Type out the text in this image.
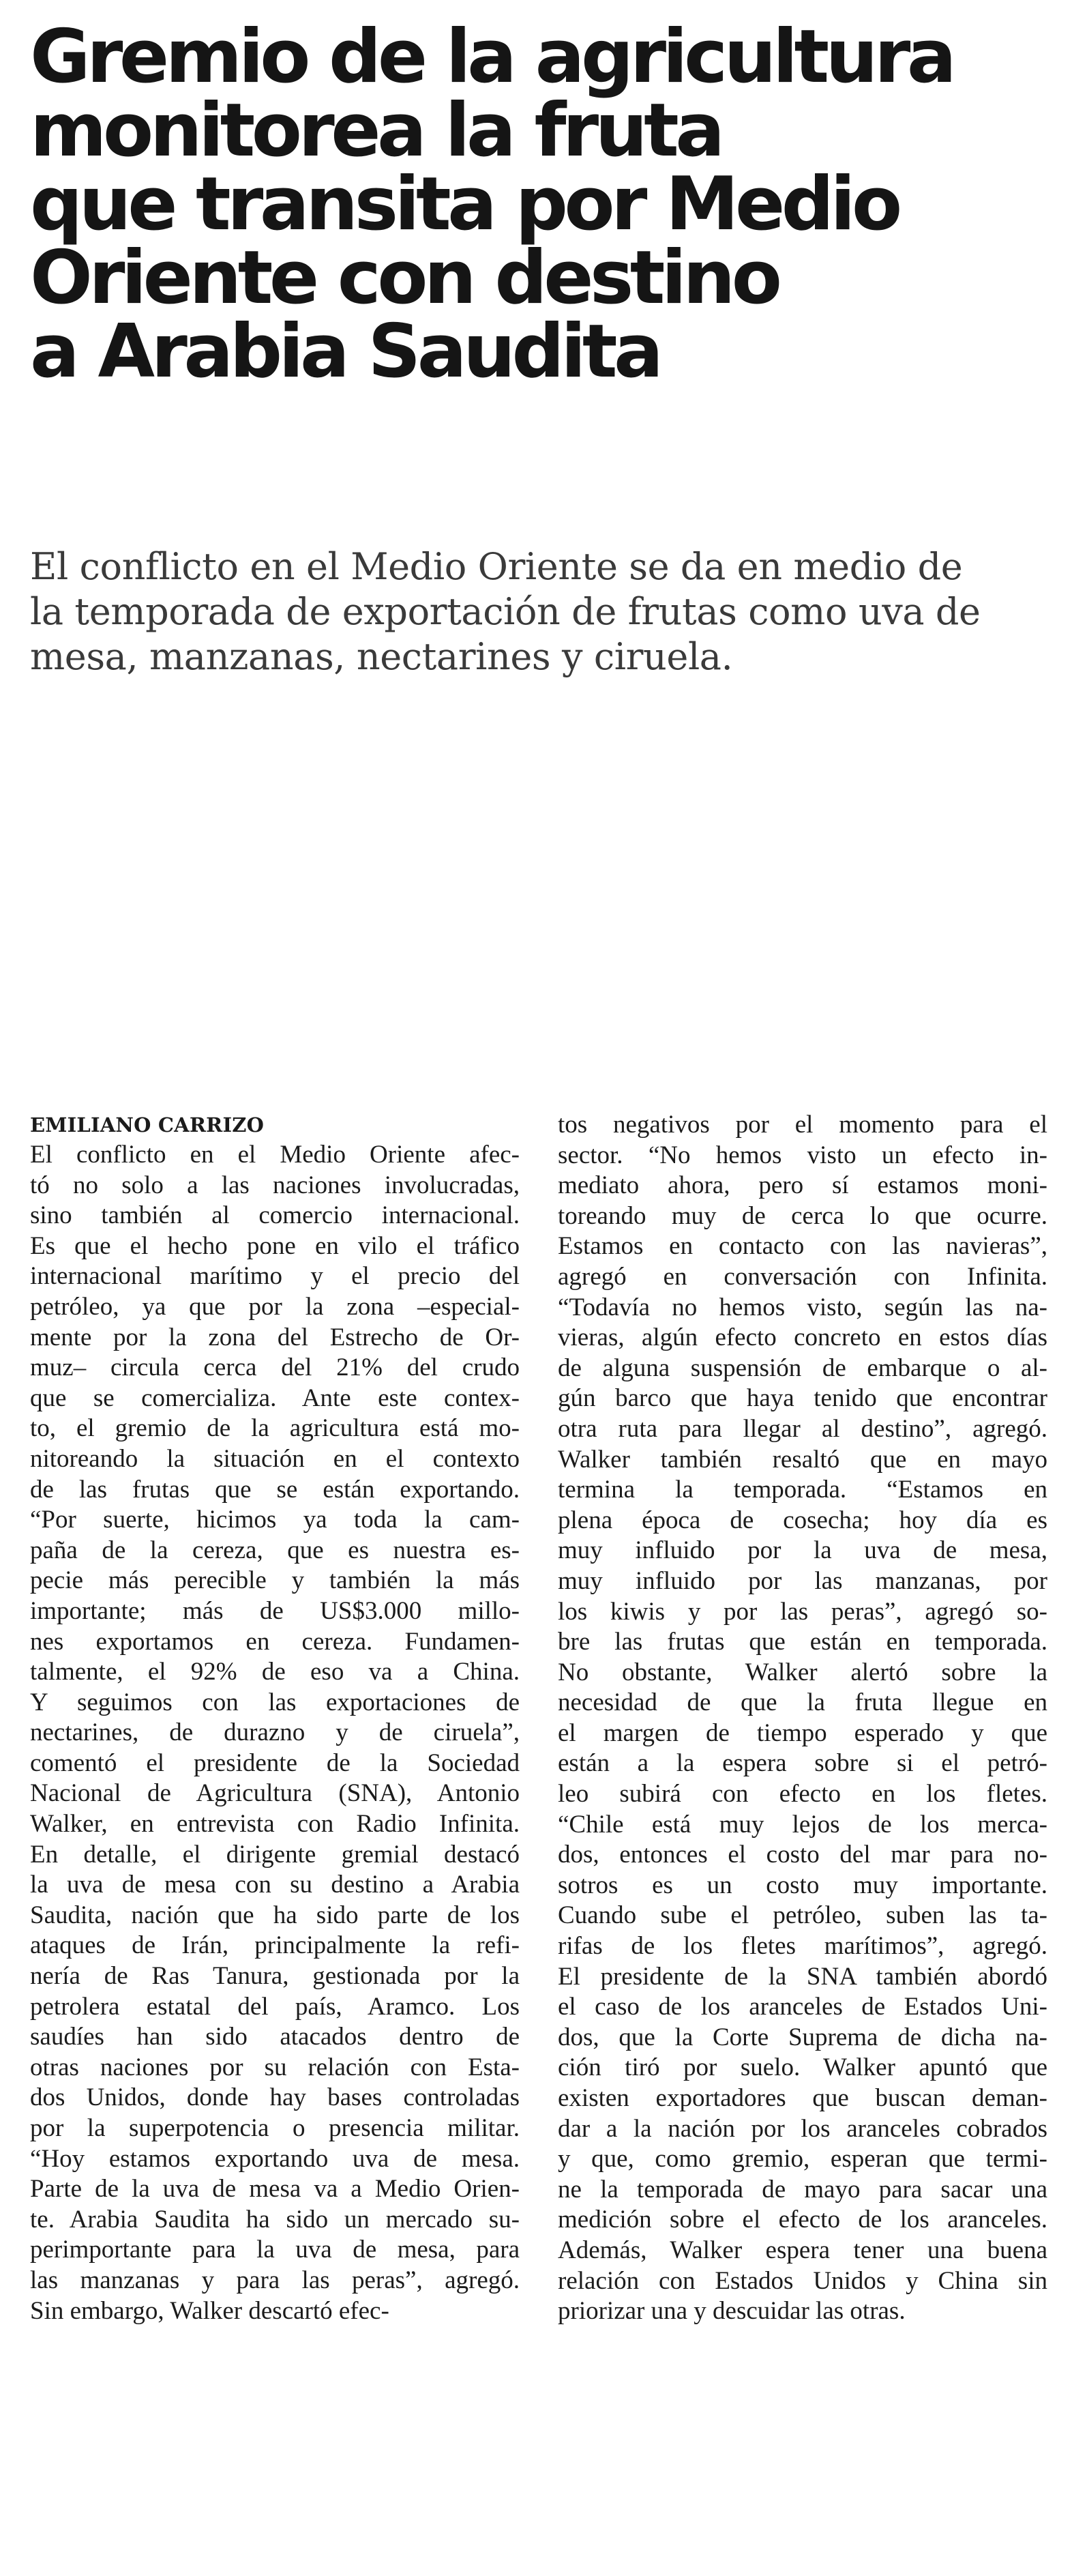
Gremio de la agricultura
monitorea la fruta
que transita por Medio
Oriente con destino
a Arabia Saudita

El conflicto en el Medio Oriente se da en medio de
la temporada de exportación de frutas como uva de
mesa, manzanas, nectarines y ciruela.

EMILIANO CARRIZO

El conflicto en el Medio Oriente afec-
tó no solo a las naciones involucradas,
sino también al comercio internacional.
Es que el hecho pone en vilo el tráfico
internacional marítimo y el precio del
petróleo, ya que por la zona –especial-
mente por la zona del Estrecho de Or-
muz– circula cerca del 21% del crudo
que se comercializa. Ante este contex-
to, el gremio de la agricultura está mo-
nitoreando la situación en el contexto
de las frutas que se están exportando.
“Por suerte, hicimos ya toda la cam-
paña de la cereza, que es nuestra es-
pecie más perecible y también la más
importante; más de US$3.000 millo-
nes exportamos en cereza. Fundamen-
talmente, el 92% de eso va a China.
Y seguimos con las exportaciones de
nectarines, de durazno y de ciruela”,
comentó el presidente de la Sociedad
Nacional de Agricultura (SNA), Antonio
Walker, en entrevista con Radio Infinita.
En detalle, el dirigente gremial destacó
la uva de mesa con su destino a Arabia
Saudita, nación que ha sido parte de los
ataques de Irán, principalmente la refi-
nería de Ras Tanura, gestionada por la
petrolera estatal del país, Aramco. Los
saudíes han sido atacados dentro de
otras naciones por su relación con Esta-
dos Unidos, donde hay bases controladas
por la superpotencia o presencia militar.
“Hoy estamos exportando uva de mesa.
Parte de la uva de mesa va a Medio Orien-
te. Arabia Saudita ha sido un mercado su-
perimportante para la uva de mesa, para
las manzanas y para las peras”, agregó.
Sin embargo, Walker descartó efec-
tos negativos por el momento para el
sector. “No hemos visto un efecto in-
mediato ahora, pero sí estamos moni-
toreando muy de cerca lo que ocurre.
Estamos en contacto con las navieras”,
agregó en conversación con Infinita.
“Todavía no hemos visto, según las na-
vieras, algún efecto concreto en estos días
de alguna suspensión de embarque o al-
gún barco que haya tenido que encontrar
otra ruta para llegar al destino”, agregó.
Walker también resaltó que en mayo
termina la temporada. “Estamos en
plena época de cosecha; hoy día es
muy influido por la uva de mesa,
muy influido por las manzanas, por
los kiwis y por las peras”, agregó so-
bre las frutas que están en temporada.
No obstante, Walker alertó sobre la
necesidad de que la fruta llegue en
el margen de tiempo esperado y que
están a la espera sobre si el petró-
leo subirá con efecto en los fletes.
“Chile está muy lejos de los merca-
dos, entonces el costo del mar para no-
sotros es un costo muy importante.
Cuando sube el petróleo, suben las ta-
rifas de los fletes marítimos”, agregó.
El presidente de la SNA también abordó
el caso de los aranceles de Estados Uni-
dos, que la Corte Suprema de dicha na-
ción tiró por suelo. Walker apuntó que
existen exportadores que buscan deman-
dar a la nación por los aranceles cobrados
y que, como gremio, esperan que termi-
ne la temporada de mayo para sacar una
medición sobre el efecto de los aranceles.
Además, Walker espera tener una buena
relación con Estados Unidos y China sin
priorizar una y descuidar las otras.
